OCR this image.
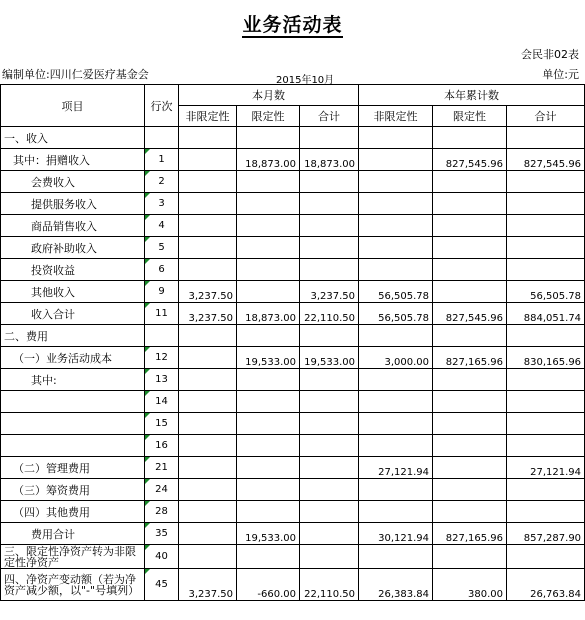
业务活动表
会民非02表
编制单位:四川仁爱医疗基金会	2015年10月	单位:元
项目	行次	本月数			本年累计数		
		非限定性	限定性	合计	非限定性	限定性	合计
一、收入							
其中：捐赠收入	1		18,873.00	18,873.00		827,545.96	827,545.96
会费收入	2						
提供服务收入	3						
商品销售收入	4						
政府补助收入	5						
投资收益	6						
其他收入	9	3,237.50		3,237.50	56,505.78		56,505.78
收入合计	11	3,237.50	18,873.00	22,110.50	56,505.78	827,545.96	884,051.74
二、费用							
（一）业务活动成本	12		19,533.00	19,533.00	3,000.00	827,165.96	830,165.96
其中:	13						
	14						
	15						
	16						
（二）管理费用	21				27,121.94		27,121.94
（三）筹资费用	24						
（四）其他费用	28						
费用合计	35		19,533.00		30,121.94	827,165.96	857,287.90
三、限定性净资产转为非限定性净资产	40						
四、净资产变动额（若为净资产减少额，以"-"号填列）	45	3,237.50	-660.00	22,110.50	26,383.84	380.00	26,763.84
